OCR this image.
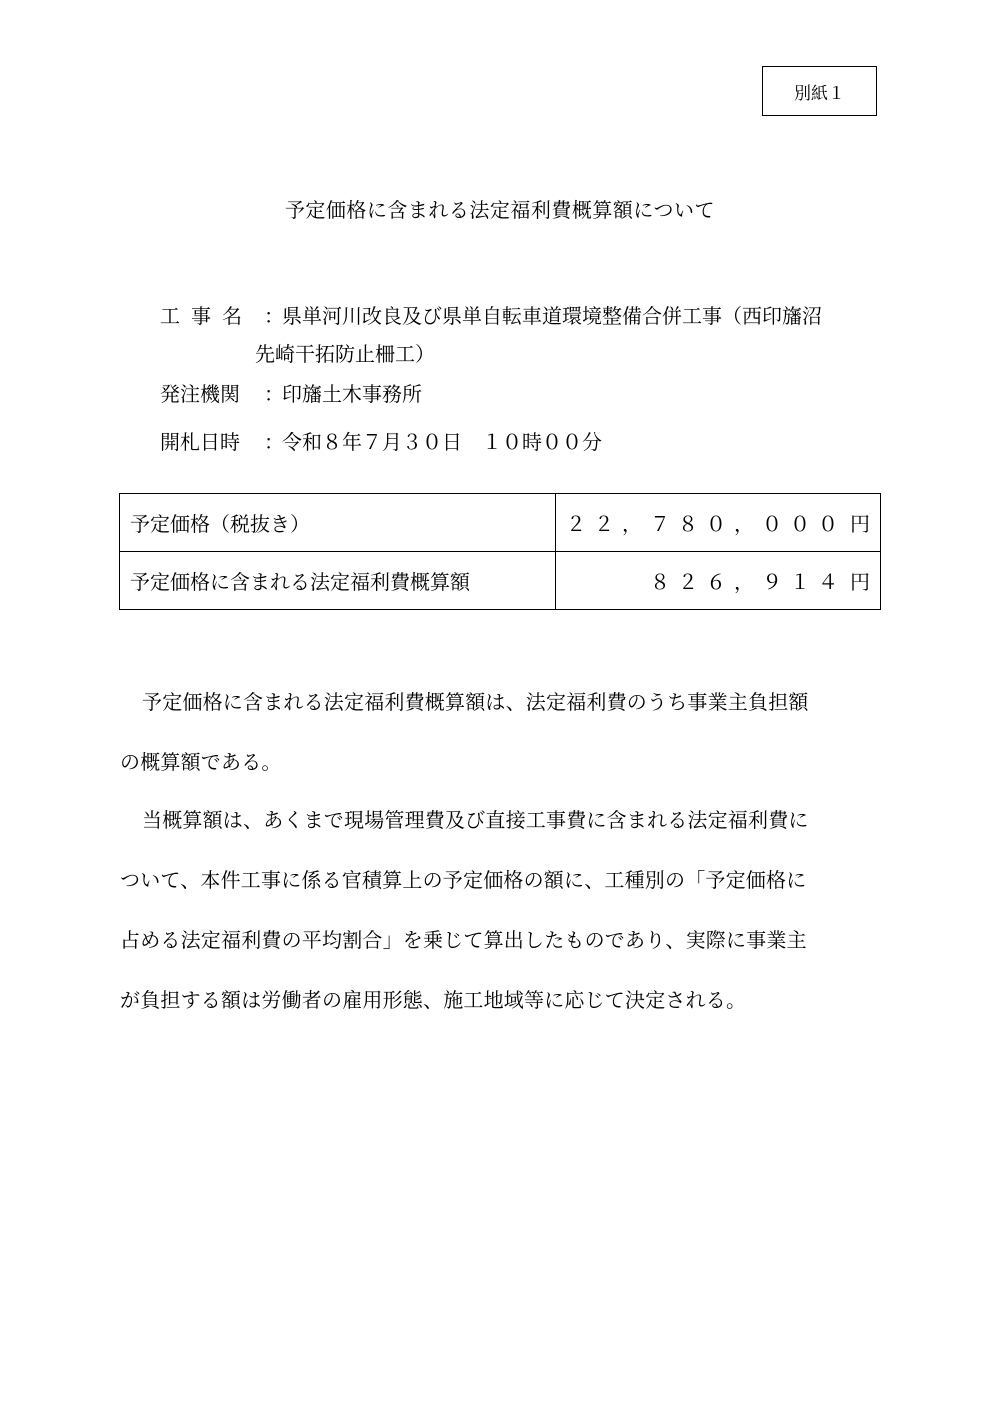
別紙１
予定価格に含まれる法定福利費概算額について
工事名 ：
県単河川改良及び県単自転車道環境整備合併工事（西印旛沼
先崎干拓防止柵工）
発注機関	：
印旛土木事務所
開札日時	：
令和８年７月３０日　１０時００分
予定価格（税抜き）	２２，７８０，０００ 円
予定価格に含まれる法定福利費概算額	８２６，９１４ 円
予定価格に含まれる法定福利費概算額は、法定福利費のうち事業主負担額
の概算額である。
当概算額は、あくまで現場管理費及び直接工事費に含まれる法定福利費に
ついて、本件工事に係る官積算上の予定価格の額に、工種別の「予定価格に
占める法定福利費の平均割合」を乗じて算出したものであり、実際に事業主
が負担する額は労働者の雇用形態、施工地域等に応じて決定される。
